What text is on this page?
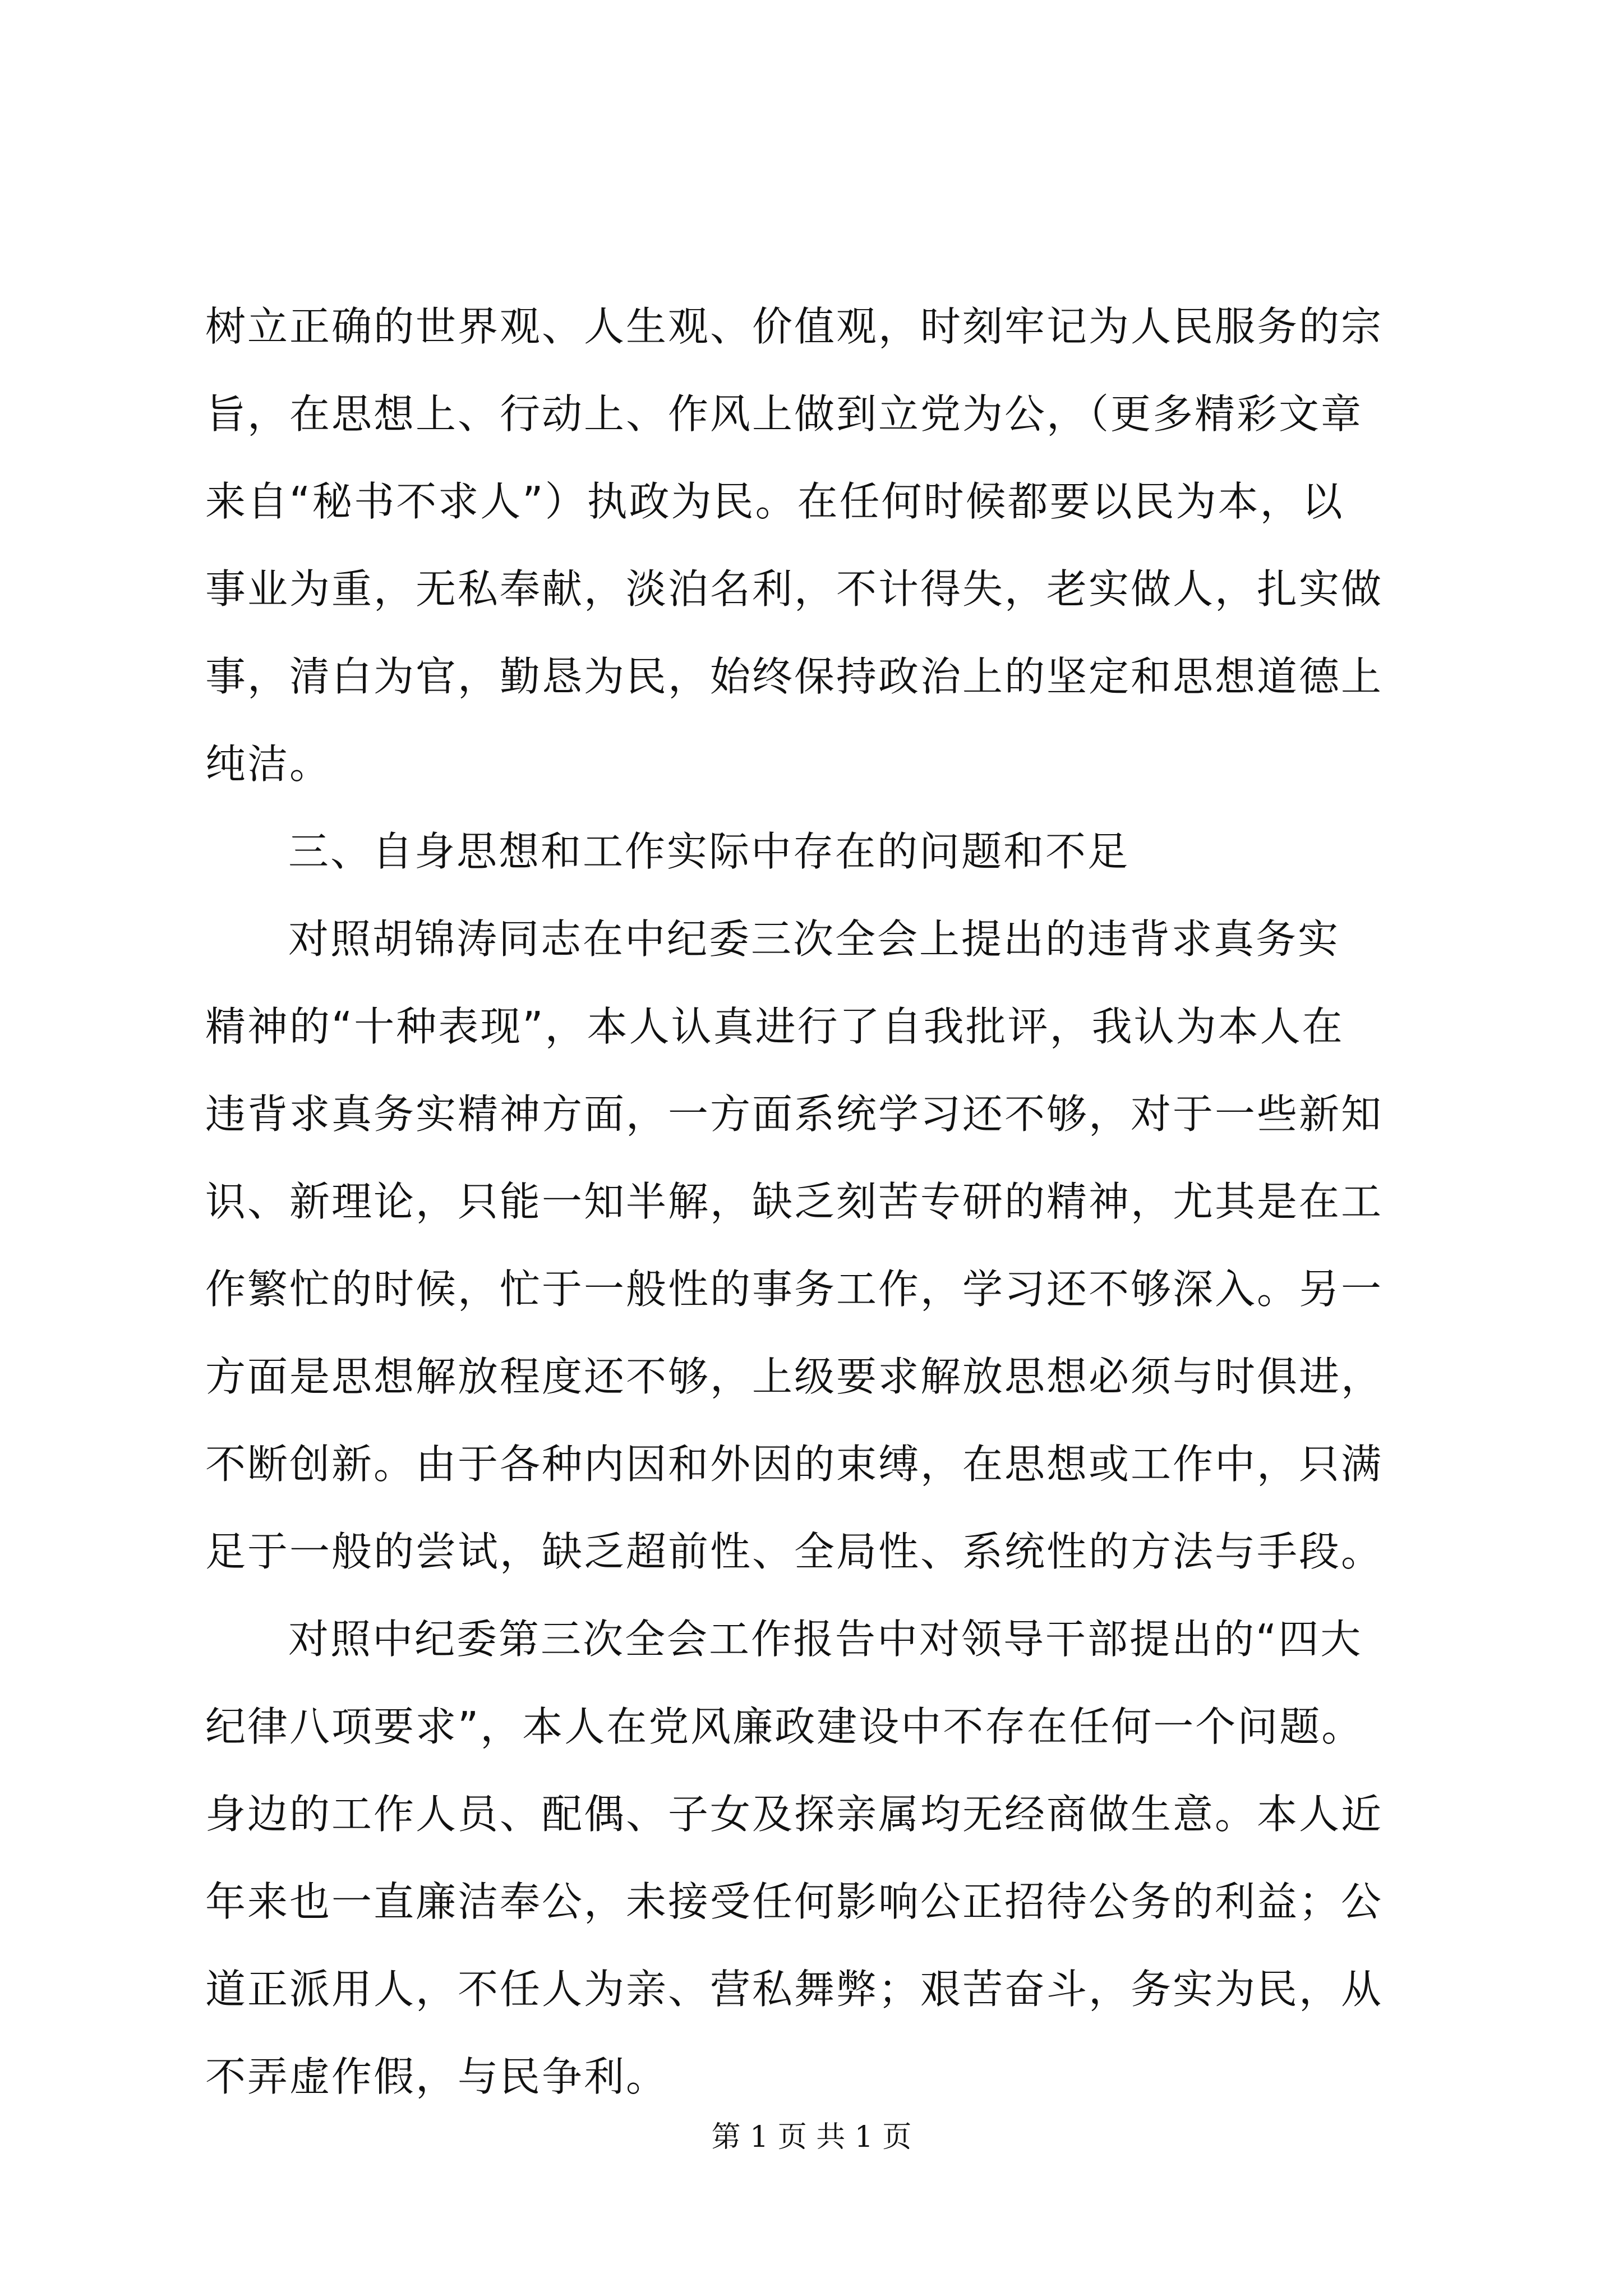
树立正确的世界观、人生观、价值观，时刻牢记为人民服务的宗
旨，在思想上、行动上、作风上做到立党为公，（更多精彩文章
来自“秘书不求人”）执政为民。在任何时候都要以民为本，以
事业为重，无私奉献，淡泊名利，不计得失，老实做人，扎实做
事，清白为官，勤恳为民，始终保持政治上的坚定和思想道德上
纯洁。
三、自身思想和工作实际中存在的问题和不足
对照胡锦涛同志在中纪委三次全会上提出的违背求真务实
精神的“十种表现”，本人认真进行了自我批评，我认为本人在
违背求真务实精神方面，一方面系统学习还不够，对于一些新知
识、新理论，只能一知半解，缺乏刻苦专研的精神，尤其是在工
作繁忙的时候，忙于一般性的事务工作，学习还不够深入。另一
方面是思想解放程度还不够，上级要求解放思想必须与时俱进，
不断创新。由于各种内因和外因的束缚，在思想或工作中，只满
足于一般的尝试，缺乏超前性、全局性、系统性的方法与手段。
对照中纪委第三次全会工作报告中对领导干部提出的“四大
纪律八项要求”，本人在党风廉政建设中不存在任何一个问题。
身边的工作人员、配偶、子女及探亲属均无经商做生意。本人近
年来也一直廉洁奉公，未接受任何影响公正招待公务的利益；公
道正派用人，不任人为亲、营私舞弊；艰苦奋斗，务实为民，从
不弄虚作假，与民争利。
第 1 页 共 1 页
